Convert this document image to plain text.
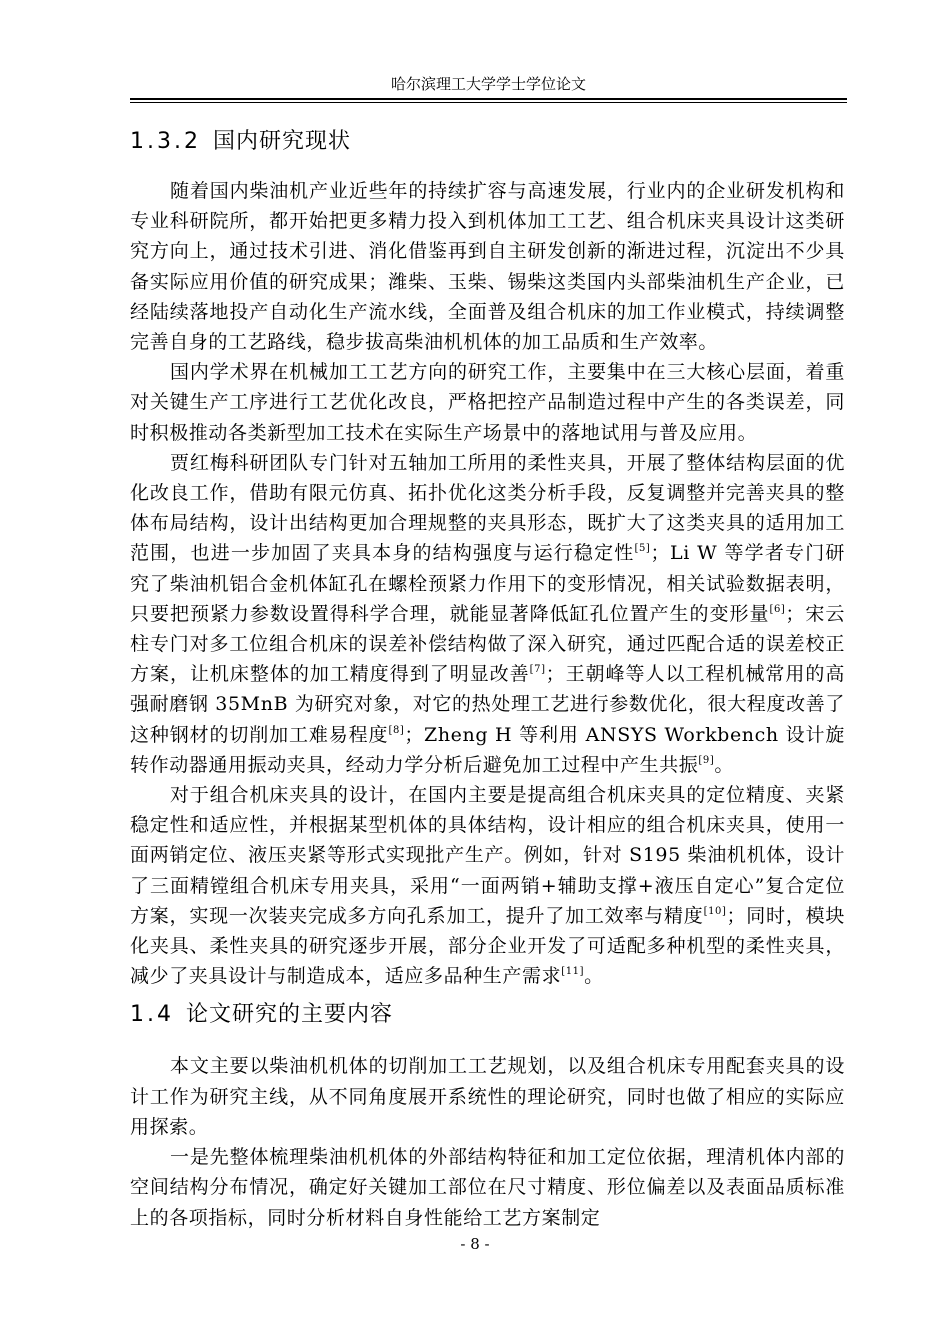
哈尔滨理工大学学士学位论文
1.3.2 国内研究现状

随着国内柴油机产业近些年的持续扩容与高速发展，行业内的企业研发机构和专业科研院所，都开始把更多精力投入到机体加工工艺、组合机床夹具设计这类研究方向上，通过技术引进、消化借鉴再到自主研发创新的渐进过程，沉淀出不少具备实际应用价值的研究成果；潍柴、玉柴、锡柴这类国内头部柴油机生产企业，已经陆续落地投产自动化生产流水线，全面普及组合机床的加工作业模式，持续调整完善自身的工艺路线，稳步拔高柴油机机体的加工品质和生产效率。

国内学术界在机械加工工艺方向的研究工作，主要集中在三大核心层面，着重对关键生产工序进行工艺优化改良，严格把控产品制造过程中产生的各类误差，同时积极推动各类新型加工技术在实际生产场景中的落地试用与普及应用。

贾红梅科研团队专门针对五轴加工所用的柔性夹具，开展了整体结构层面的优化改良工作，借助有限元仿真、拓扑优化这类分析手段，反复调整并完善夹具的整体布局结构，设计出结构更加合理规整的夹具形态，既扩大了这类夹具的适用加工范围，也进一步加固了夹具本身的结构强度与运行稳定性[5]；Li W 等学者专门研究了柴油机铝合金机体缸孔在螺栓预紧力作用下的变形情况，相关试验数据表明，只要把预紧力参数设置得科学合理，就能显著降低缸孔位置产生的变形量[6]；宋云柱专门对多工位组合机床的误差补偿结构做了深入研究，通过匹配合适的误差校正方案，让机床整体的加工精度得到了明显改善[7]；王朝峰等人以工程机械常用的高强耐磨钢 35MnB 为研究对象，对它的热处理工艺进行参数优化，很大程度改善了这种钢材的切削加工难易程度[8]；Zheng H 等利用 ANSYS Workbench 设计旋转作动器通用振动夹具，经动力学分析后避免加工过程中产生共振[9]。

对于组合机床夹具的设计，在国内主要是提高组合机床夹具的定位精度、夹紧稳定性和适应性，并根据某型机体的具体结构，设计相应的组合机床夹具，使用一面两销定位、液压夹紧等形式实现批产生产。例如，针对 S195 柴油机机体，设计了三面精镗组合机床专用夹具，采用“一面两销+辅助支撑+液压自定心”复合定位方案，实现一次装夹完成多方向孔系加工，提升了加工效率与精度[10]；同时，模块化夹具、柔性夹具的研究逐步开展，部分企业开发了可适配多种机型的柔性夹具，减少了夹具设计与制造成本，适应多品种生产需求[11]。

1.4 论文研究的主要内容

本文主要以柴油机机体的切削加工工艺规划，以及组合机床专用配套夹具的设计工作为研究主线，从不同角度展开系统性的理论研究，同时也做了相应的实际应用探索。

一是先整体梳理柴油机机体的外部结构特征和加工定位依据，理清机体内部的空间结构分布情况，确定好关键加工部位在尺寸精度、形位偏差以及表面品质标准上的各项指标，同时分析材料自身性能给工艺方案制定

- 8 -
